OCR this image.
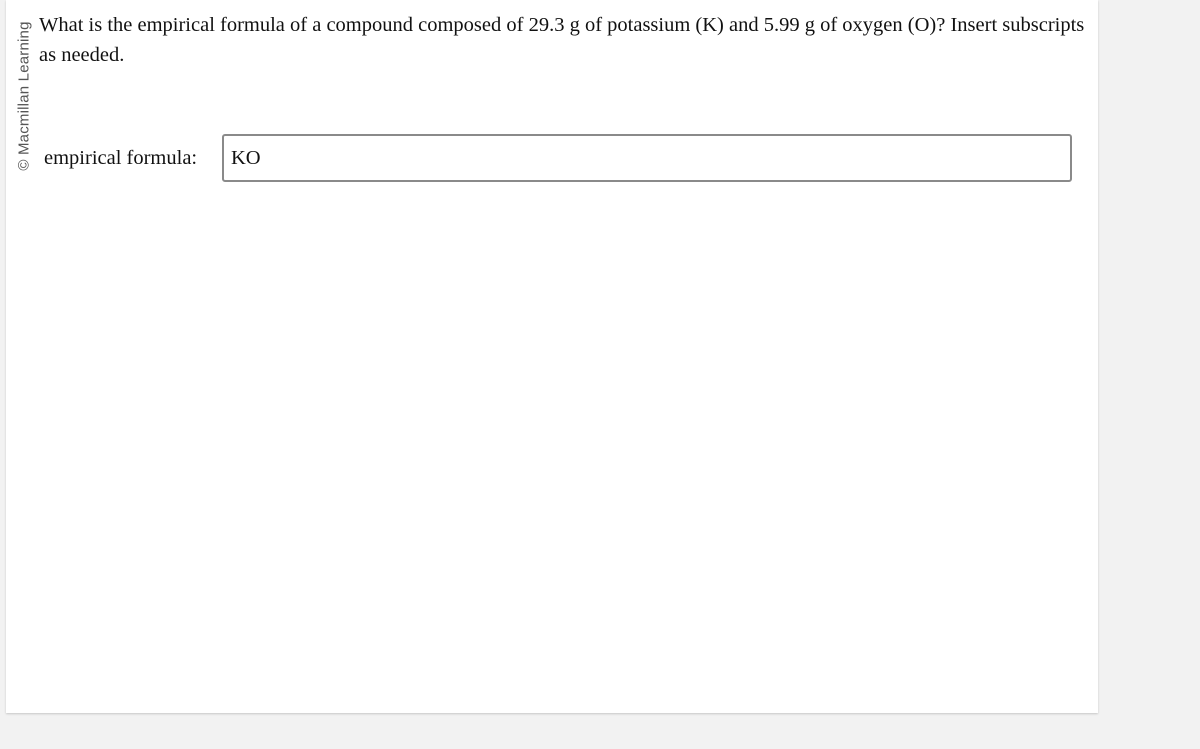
© Macmillan Learning What is the empirical formula of a compound composed of 29.3 g of potassium (K) and 5.99 g of oxygen (O)? Insert subscripts as needed.
empirical formula: KO
